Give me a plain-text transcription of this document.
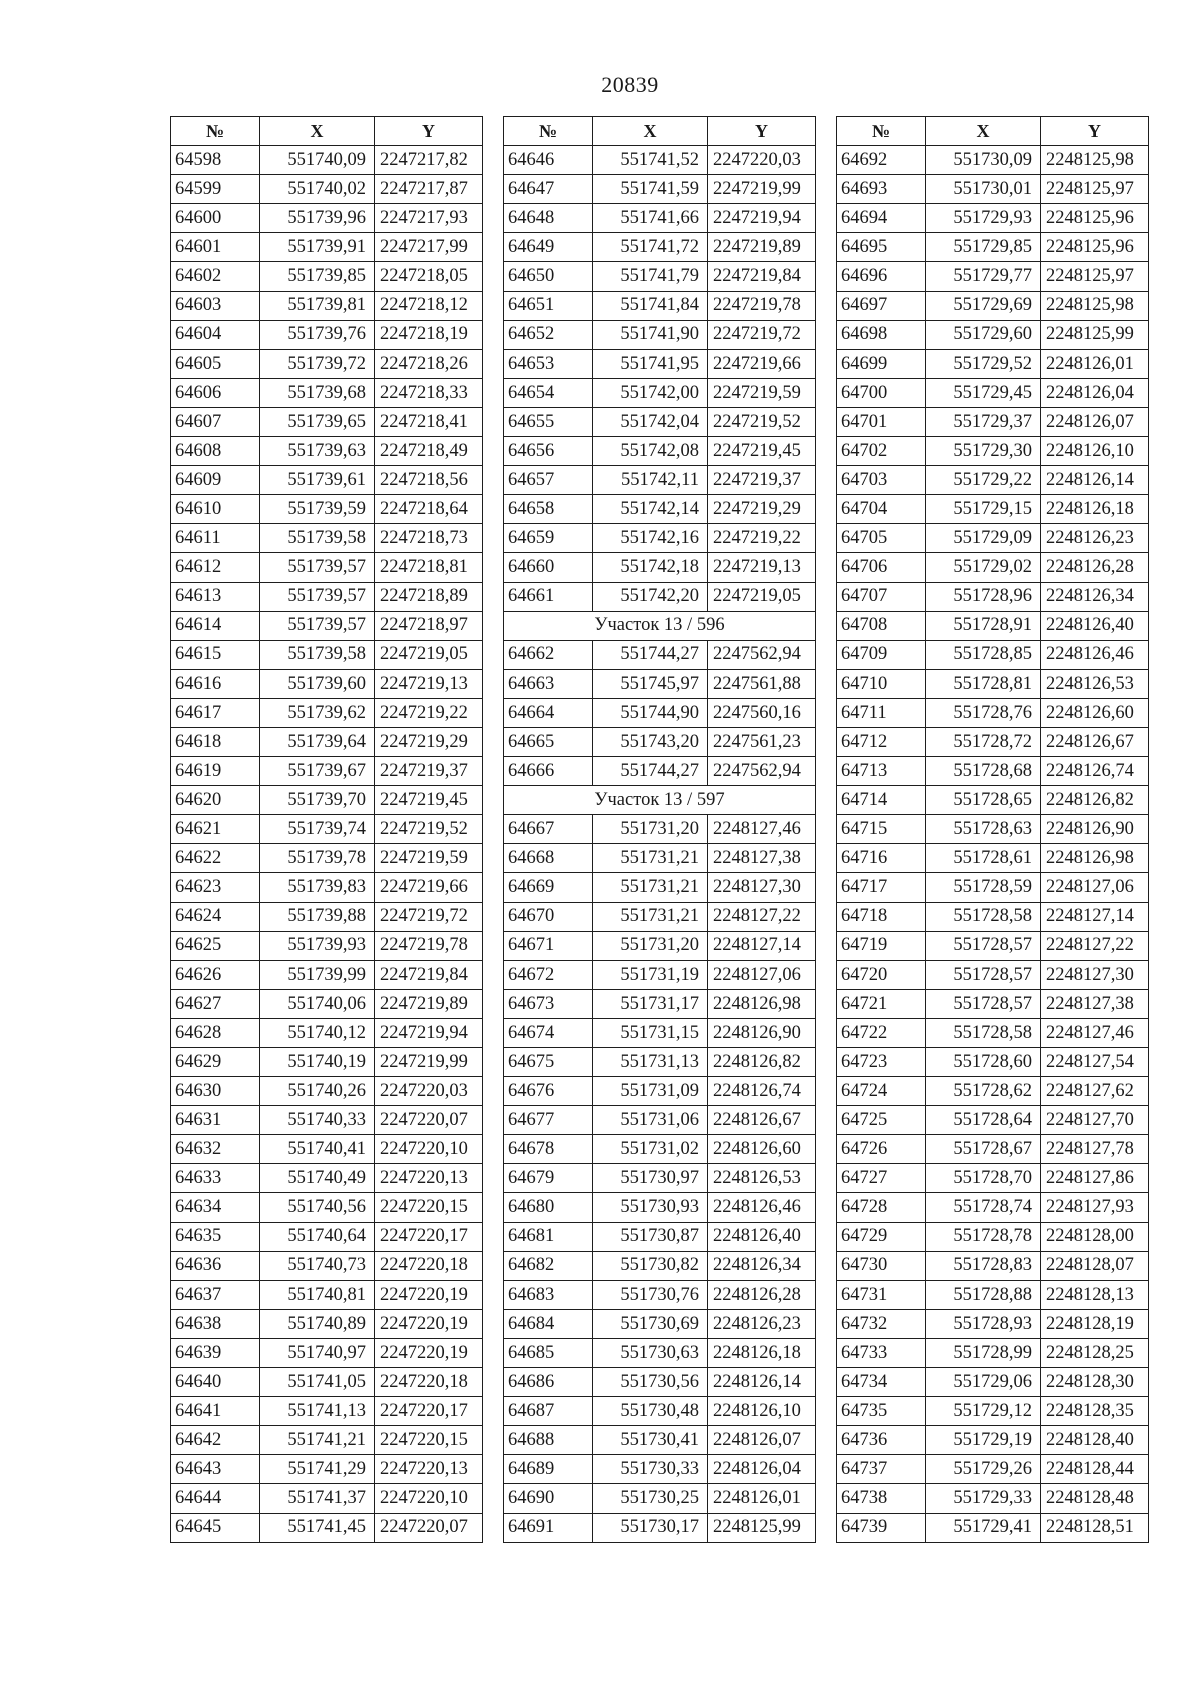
20839
№	X	Y
64598	551740,09	2247217,82
64599	551740,02	2247217,87
64600	551739,96	2247217,93
64601	551739,91	2247217,99
64602	551739,85	2247218,05
64603	551739,81	2247218,12
64604	551739,76	2247218,19
64605	551739,72	2247218,26
64606	551739,68	2247218,33
64607	551739,65	2247218,41
64608	551739,63	2247218,49
64609	551739,61	2247218,56
64610	551739,59	2247218,64
64611	551739,58	2247218,73
64612	551739,57	2247218,81
64613	551739,57	2247218,89
64614	551739,57	2247218,97
64615	551739,58	2247219,05
64616	551739,60	2247219,13
64617	551739,62	2247219,22
64618	551739,64	2247219,29
64619	551739,67	2247219,37
64620	551739,70	2247219,45
64621	551739,74	2247219,52
64622	551739,78	2247219,59
64623	551739,83	2247219,66
64624	551739,88	2247219,72
64625	551739,93	2247219,78
64626	551739,99	2247219,84
64627	551740,06	2247219,89
64628	551740,12	2247219,94
64629	551740,19	2247219,99
64630	551740,26	2247220,03
64631	551740,33	2247220,07
64632	551740,41	2247220,10
64633	551740,49	2247220,13
64634	551740,56	2247220,15
64635	551740,64	2247220,17
64636	551740,73	2247220,18
64637	551740,81	2247220,19
64638	551740,89	2247220,19
64639	551740,97	2247220,19
64640	551741,05	2247220,18
64641	551741,13	2247220,17
64642	551741,21	2247220,15
64643	551741,29	2247220,13
64644	551741,37	2247220,10
64645	551741,45	2247220,07
№	X	Y
64646	551741,52	2247220,03
64647	551741,59	2247219,99
64648	551741,66	2247219,94
64649	551741,72	2247219,89
64650	551741,79	2247219,84
64651	551741,84	2247219,78
64652	551741,90	2247219,72
64653	551741,95	2247219,66
64654	551742,00	2247219,59
64655	551742,04	2247219,52
64656	551742,08	2247219,45
64657	551742,11	2247219,37
64658	551742,14	2247219,29
64659	551742,16	2247219,22
64660	551742,18	2247219,13
64661	551742,20	2247219,05
Участок 13 / 596		
64662	551744,27	2247562,94
64663	551745,97	2247561,88
64664	551744,90	2247560,16
64665	551743,20	2247561,23
64666	551744,27	2247562,94
Участок 13 / 597		
64667	551731,20	2248127,46
64668	551731,21	2248127,38
64669	551731,21	2248127,30
64670	551731,21	2248127,22
64671	551731,20	2248127,14
64672	551731,19	2248127,06
64673	551731,17	2248126,98
64674	551731,15	2248126,90
64675	551731,13	2248126,82
64676	551731,09	2248126,74
64677	551731,06	2248126,67
64678	551731,02	2248126,60
64679	551730,97	2248126,53
64680	551730,93	2248126,46
64681	551730,87	2248126,40
64682	551730,82	2248126,34
64683	551730,76	2248126,28
64684	551730,69	2248126,23
64685	551730,63	2248126,18
64686	551730,56	2248126,14
64687	551730,48	2248126,10
64688	551730,41	2248126,07
64689	551730,33	2248126,04
64690	551730,25	2248126,01
64691	551730,17	2248125,99
№	X	Y
64692	551730,09	2248125,98
64693	551730,01	2248125,97
64694	551729,93	2248125,96
64695	551729,85	2248125,96
64696	551729,77	2248125,97
64697	551729,69	2248125,98
64698	551729,60	2248125,99
64699	551729,52	2248126,01
64700	551729,45	2248126,04
64701	551729,37	2248126,07
64702	551729,30	2248126,10
64703	551729,22	2248126,14
64704	551729,15	2248126,18
64705	551729,09	2248126,23
64706	551729,02	2248126,28
64707	551728,96	2248126,34
64708	551728,91	2248126,40
64709	551728,85	2248126,46
64710	551728,81	2248126,53
64711	551728,76	2248126,60
64712	551728,72	2248126,67
64713	551728,68	2248126,74
64714	551728,65	2248126,82
64715	551728,63	2248126,90
64716	551728,61	2248126,98
64717	551728,59	2248127,06
64718	551728,58	2248127,14
64719	551728,57	2248127,22
64720	551728,57	2248127,30
64721	551728,57	2248127,38
64722	551728,58	2248127,46
64723	551728,60	2248127,54
64724	551728,62	2248127,62
64725	551728,64	2248127,70
64726	551728,67	2248127,78
64727	551728,70	2248127,86
64728	551728,74	2248127,93
64729	551728,78	2248128,00
64730	551728,83	2248128,07
64731	551728,88	2248128,13
64732	551728,93	2248128,19
64733	551728,99	2248128,25
64734	551729,06	2248128,30
64735	551729,12	2248128,35
64736	551729,19	2248128,40
64737	551729,26	2248128,44
64738	551729,33	2248128,48
64739	551729,41	2248128,51
